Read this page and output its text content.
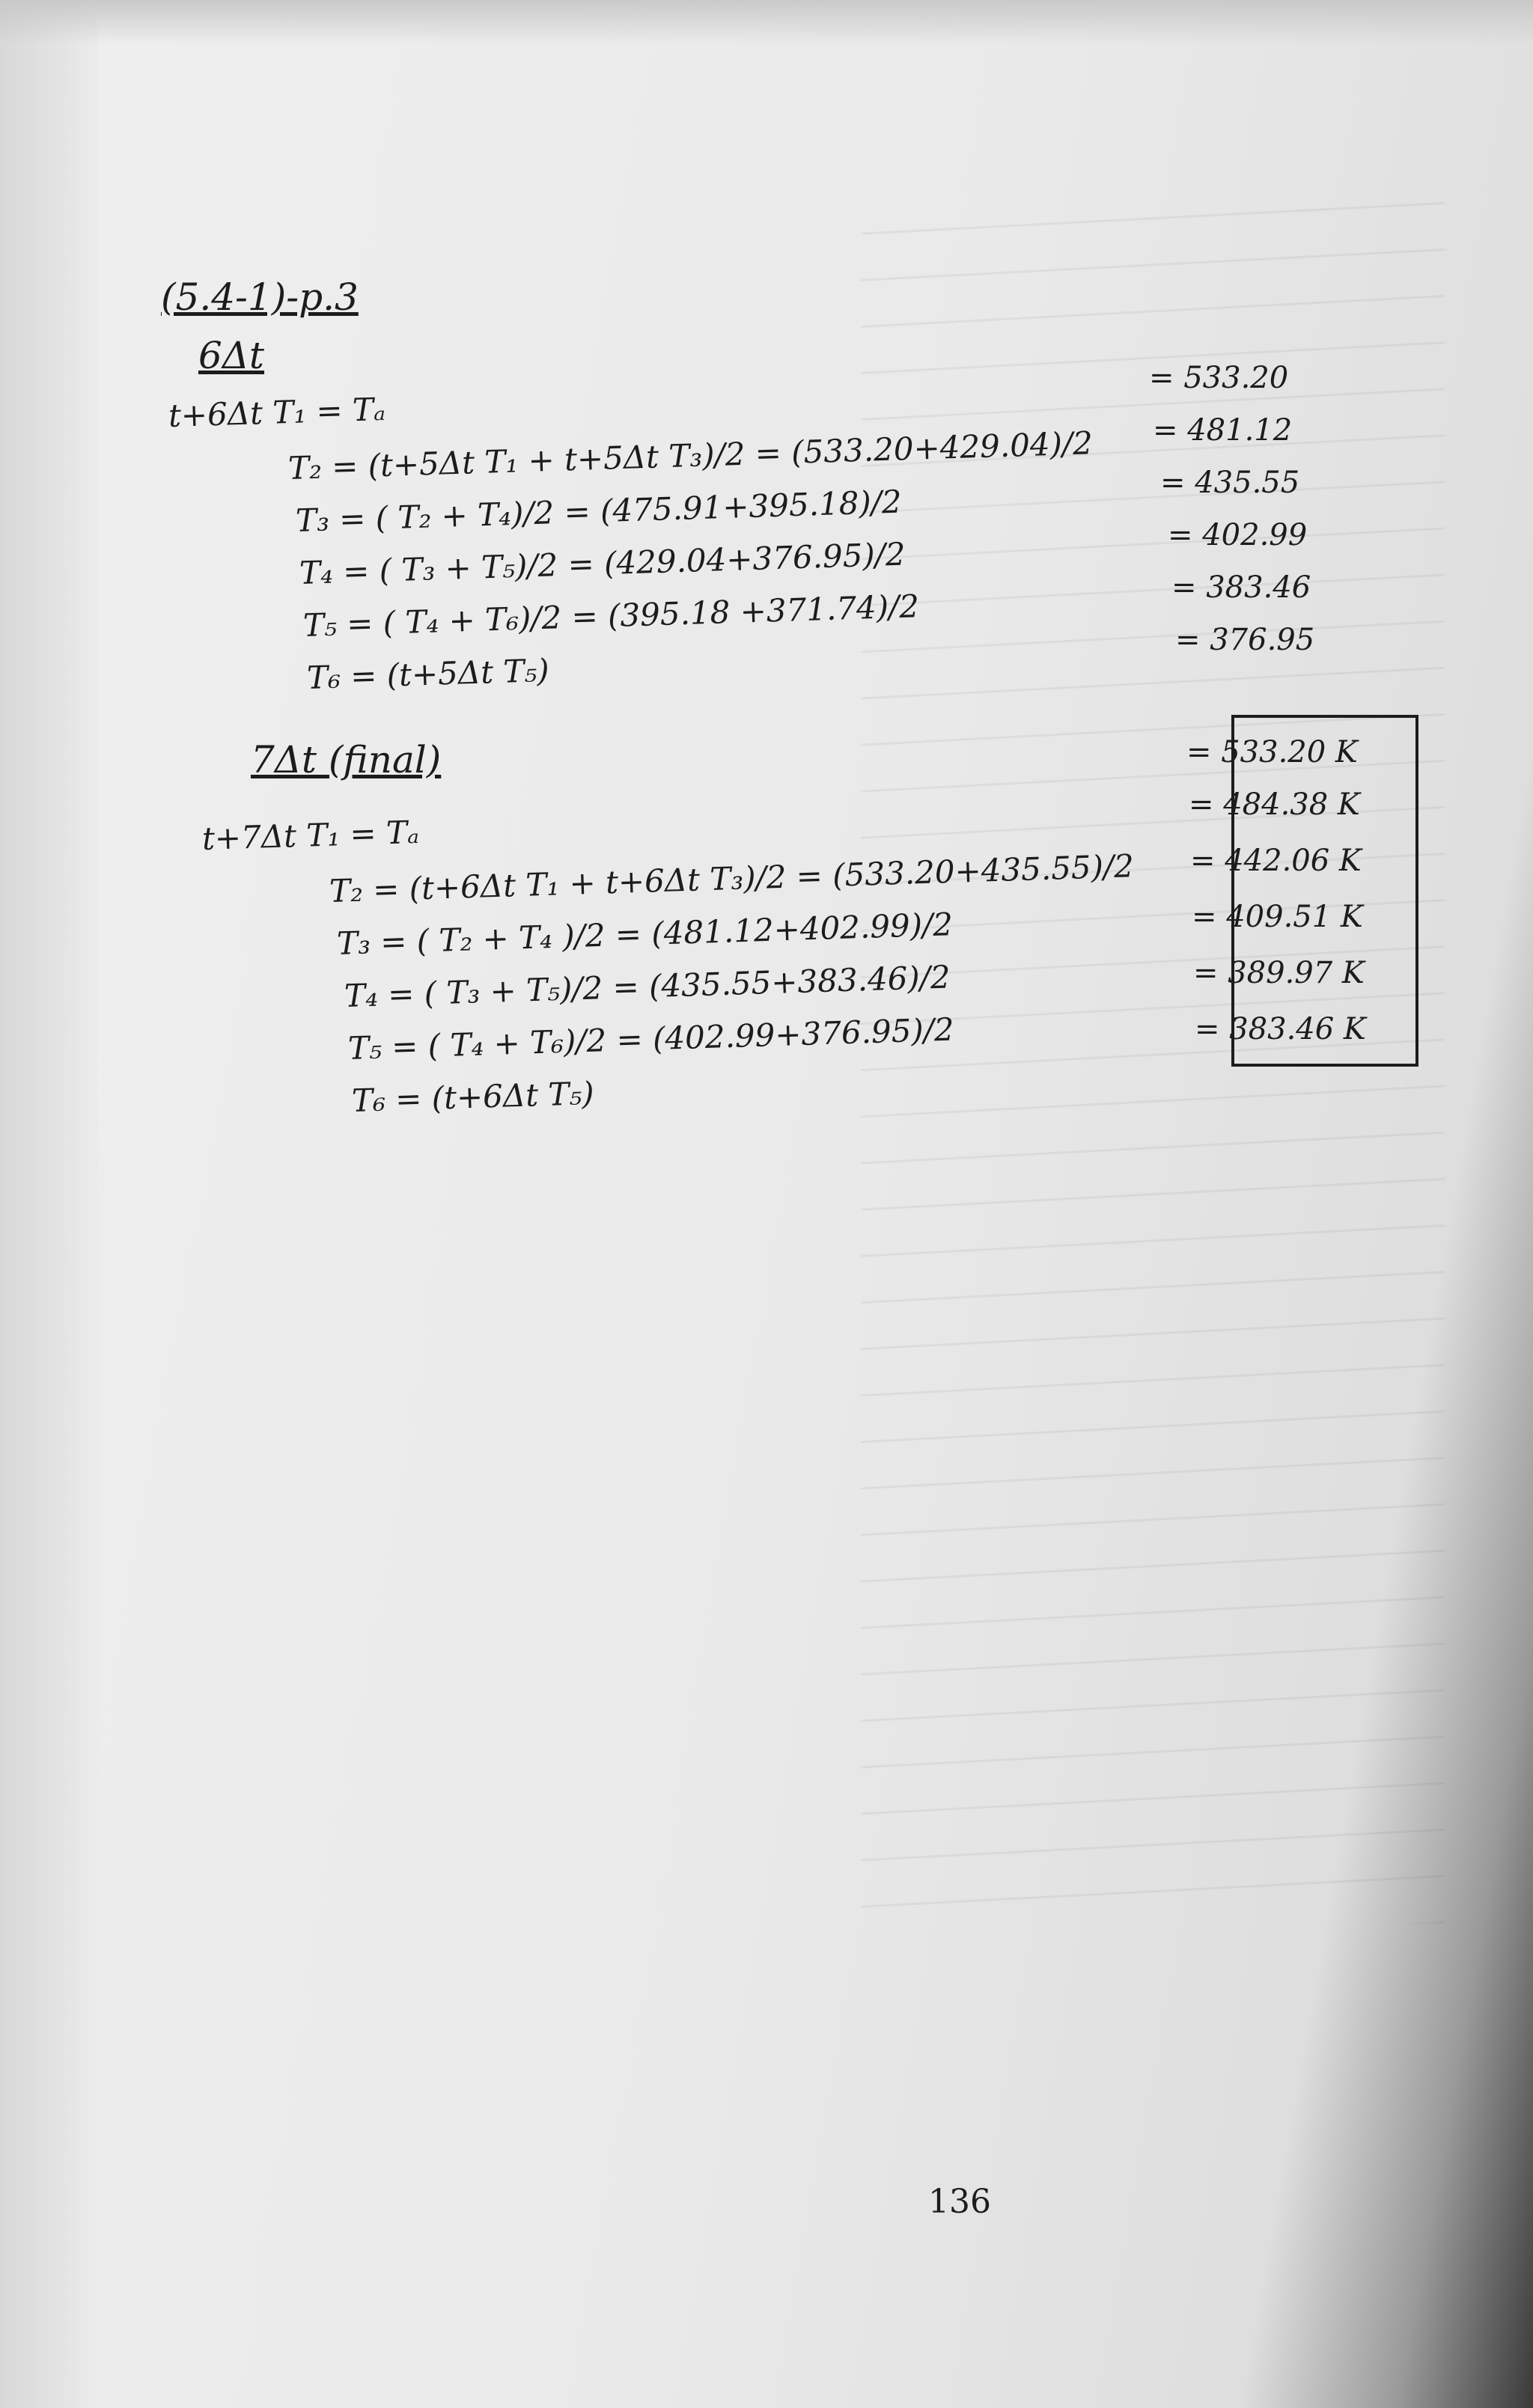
(5.4-1)-p.3
6Δt
t+6Δt T₁ = Tₐ
T₂ = (t+5Δt T₁ + t+5Δt T₃)/2 = (533.20+429.04)/2
T₃ = ( T₂ + T₄)/2 = (475.91+395.18)/2
T₄ = ( T₃ + T₅)/2 = (429.04+376.95)/2
T₅ = ( T₄ + T₆)/2 = (395.18 +371.74)/2
T₆ = (t+5Δt T₅)
= 533.20
= 481.12
= 435.55
= 402.99
= 383.46
= 376.95
7Δt (final)
t+7Δt T₁ = Tₐ
T₂ = (t+6Δt T₁ + t+6Δt T₃)/2 = (533.20+435.55)/2
T₃ = ( T₂ + T₄ )/2 = (481.12+402.99)/2
T₄ = ( T₃ + T₅)/2 = (435.55+383.46)/2
T₅ = ( T₄ + T₆)/2 = (402.99+376.95)/2
T₆ = (t+6Δt T₅)
= 533.20 K
= 484.38 K
= 442.06 K
= 409.51 K
= 389.97 K
= 383.46 K
136
